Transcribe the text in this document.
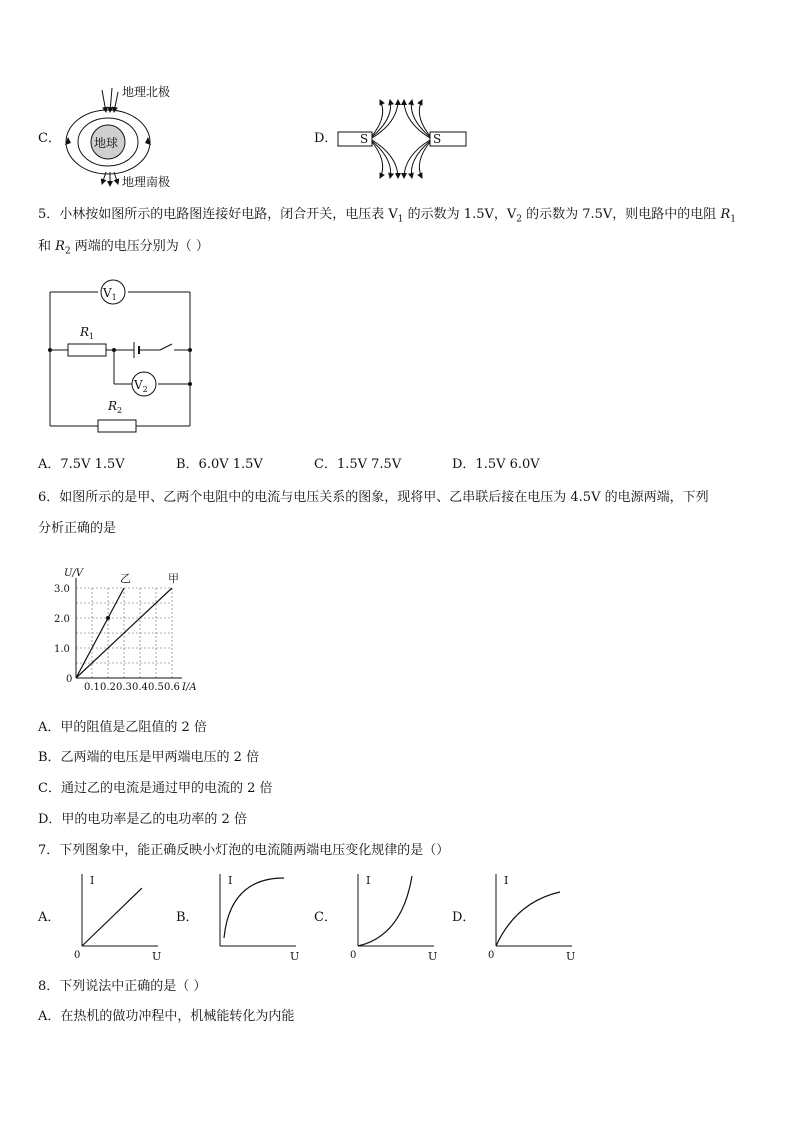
C．
地理北极
地理南极
地球	D． S	S
5．小林按如图所示的电路图连接好电路，闭合开关，电压表 $V_1$ 的示数为 1.5V，$V_2$ 的示数为 7.5V，则电路中的电阻 $R_1$
和 $R_2$ 两端的电压分别为（ ）
$V_1$
$V_2$
$R_1$
$R_2$
A．7.5V 1.5V	B．6.0V 1.5V	C．1.5V 7.5V	D．1.5V 6.0V
6．如图所示的是甲、乙两个电阻中的电流与电压关系的图象，现将甲、乙串联后接在电压为 4.5V 的电源两端，下列
分析正确的是
0.1 0.2 0.3 0.4 0.5 0.6
1.0
2.0
3.0
0
I/A
U/V	乙	甲
A．甲的阻值是乙阻值的 2 倍
B．乙两端的电压是甲两端电压的 2 倍
C．通过乙的电流是通过甲的电流的 2 倍
D．甲的电功率是乙的电功率的 2 倍
7．下列图象中，能正确反映小灯泡的电流随两端电压变化规律的是（）
A．
I
U
0
B．
I
U
C．
I
U
0
D．
I
U
0
8．下列说法中正确的是（ ）
A．在热机的做功冲程中，机械能转化为内能
